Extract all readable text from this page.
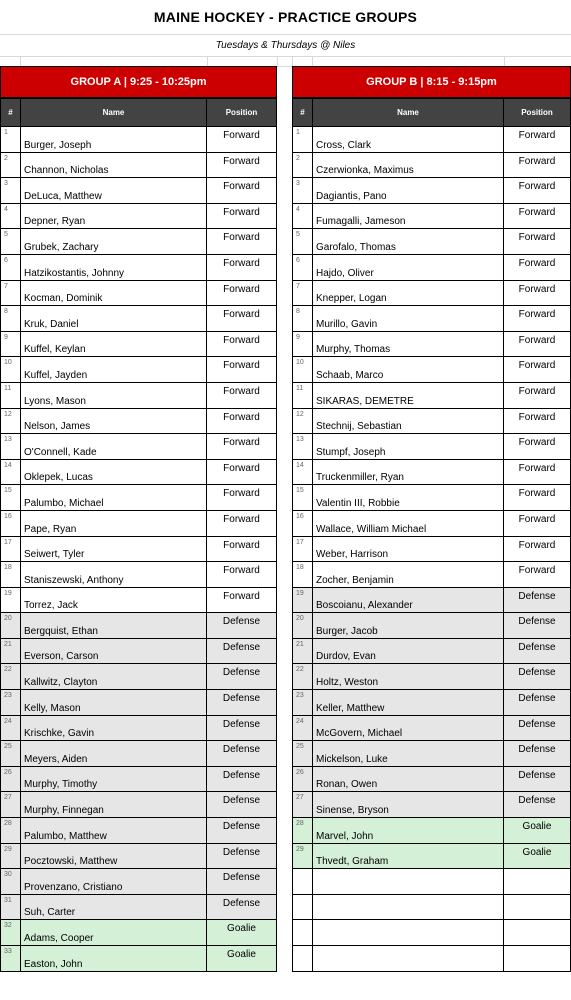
MAINE HOCKEY - PRACTICE GROUPS
Tuesdays & Thursdays @ Niles
GROUP A | 9:25 - 10:25pm
#	Name	Position
1	Burger, Joseph	Forward
2	Channon, Nicholas	Forward
3	DeLuca, Matthew	Forward
4	Depner, Ryan	Forward
5	Grubek, Zachary	Forward
6	Hatzikostantis, Johnny	Forward
7	Kocman, Dominik	Forward
8	Kruk, Daniel	Forward
9	Kuffel, Keylan	Forward
10	Kuffel, Jayden	Forward
11	Lyons, Mason	Forward
12	Nelson, James	Forward
13	O'Connell, Kade	Forward
14	Oklepek, Lucas	Forward
15	Palumbo, Michael	Forward
16	Pape, Ryan	Forward
17	Seiwert, Tyler	Forward
18	Staniszewski, Anthony	Forward
19	Torrez, Jack	Forward
20	Bergquist, Ethan	Defense
21	Everson, Carson	Defense
22	Kallwitz, Clayton	Defense
23	Kelly, Mason	Defense
24	Krischke, Gavin	Defense
25	Meyers, Aiden	Defense
26	Murphy, Timothy	Defense
27	Murphy, Finnegan	Defense
28	Palumbo, Matthew	Defense
29	Pocztowski, Matthew	Defense
30	Provenzano, Cristiano	Defense
31	Suh, Carter	Defense
32	Adams, Cooper	Goalie
33	Easton, John	Goalie
GROUP B | 8:15 - 9:15pm
#	Name	Position
1	Cross, Clark	Forward
2	Czerwionka, Maximus	Forward
3	Dagiantis, Pano	Forward
4	Fumagalli, Jameson	Forward
5	Garofalo, Thomas	Forward
6	Hajdo, Oliver	Forward
7	Knepper, Logan	Forward
8	Murillo, Gavin	Forward
9	Murphy, Thomas	Forward
10	Schaab, Marco	Forward
11	SIKARAS, DEMETRE	Forward
12	Stechnij, Sebastian	Forward
13	Stumpf, Joseph	Forward
14	Truckenmiller, Ryan	Forward
15	Valentin III, Robbie	Forward
16	Wallace, William Michael	Forward
17	Weber, Harrison	Forward
18	Zocher, Benjamin	Forward
19	Boscoianu, Alexander	Defense
20	Burger, Jacob	Defense
21	Durdov, Evan	Defense
22	Holtz, Weston	Defense
23	Keller, Matthew	Defense
24	McGovern, Michael	Defense
25	Mickelson, Luke	Defense
26	Ronan, Owen	Defense
27	Sinense, Bryson	Defense
28	Marvel, John	Goalie
29	Thvedt, Graham	Goalie
